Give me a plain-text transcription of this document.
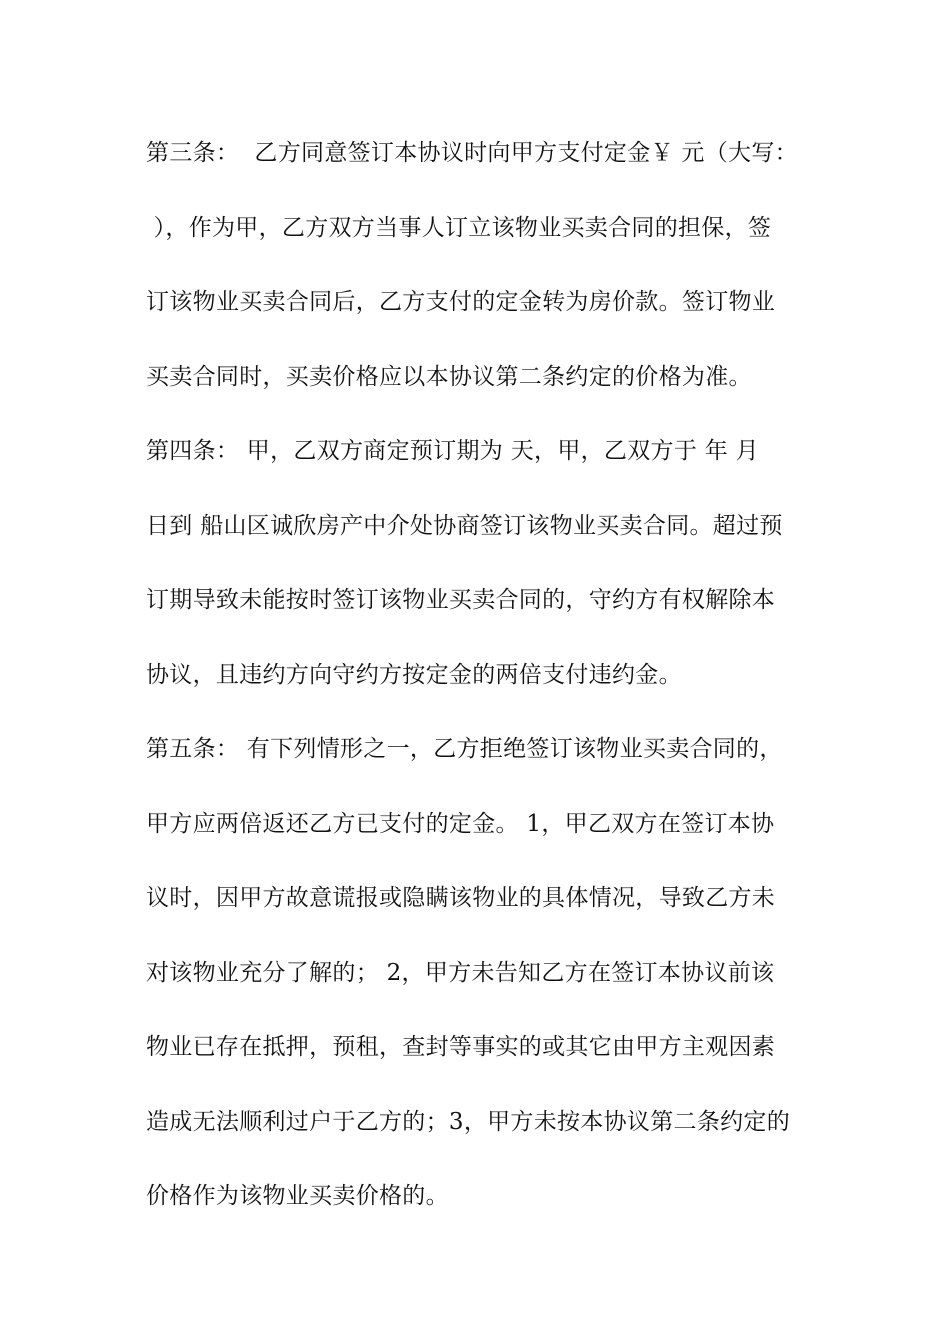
第三条：  乙方同意签订本协议时向甲方支付定金￥ 元（大写：
），作为甲，乙方双方当事人订立该物业买卖合同的担保，签
订该物业买卖合同后，乙方支付的定金转为房价款。签订物业
买卖合同时，买卖价格应以本协议第二条约定的价格为准。
第四条： 甲，乙双方商定预订期为 天，甲，乙双方于 年 月
日到 船山区诚欣房产中介处协商签订该物业买卖合同。超过预
订期导致未能按时签订该物业买卖合同的，守约方有权解除本
协议，且违约方向守约方按定金的两倍支付违约金。
第五条： 有下列情形之一，乙方拒绝签订该物业买卖合同的，
甲方应两倍返还乙方已支付的定金。 1，甲乙双方在签订本协
议时，因甲方故意谎报或隐瞒该物业的具体情况，导致乙方未
对该物业充分了解的； 2，甲方未告知乙方在签订本协议前该
物业已存在抵押，预租，查封等事实的或其它由甲方主观因素
造成无法顺利过户于乙方的；3，甲方未按本协议第二条约定的
价格作为该物业买卖价格的。
